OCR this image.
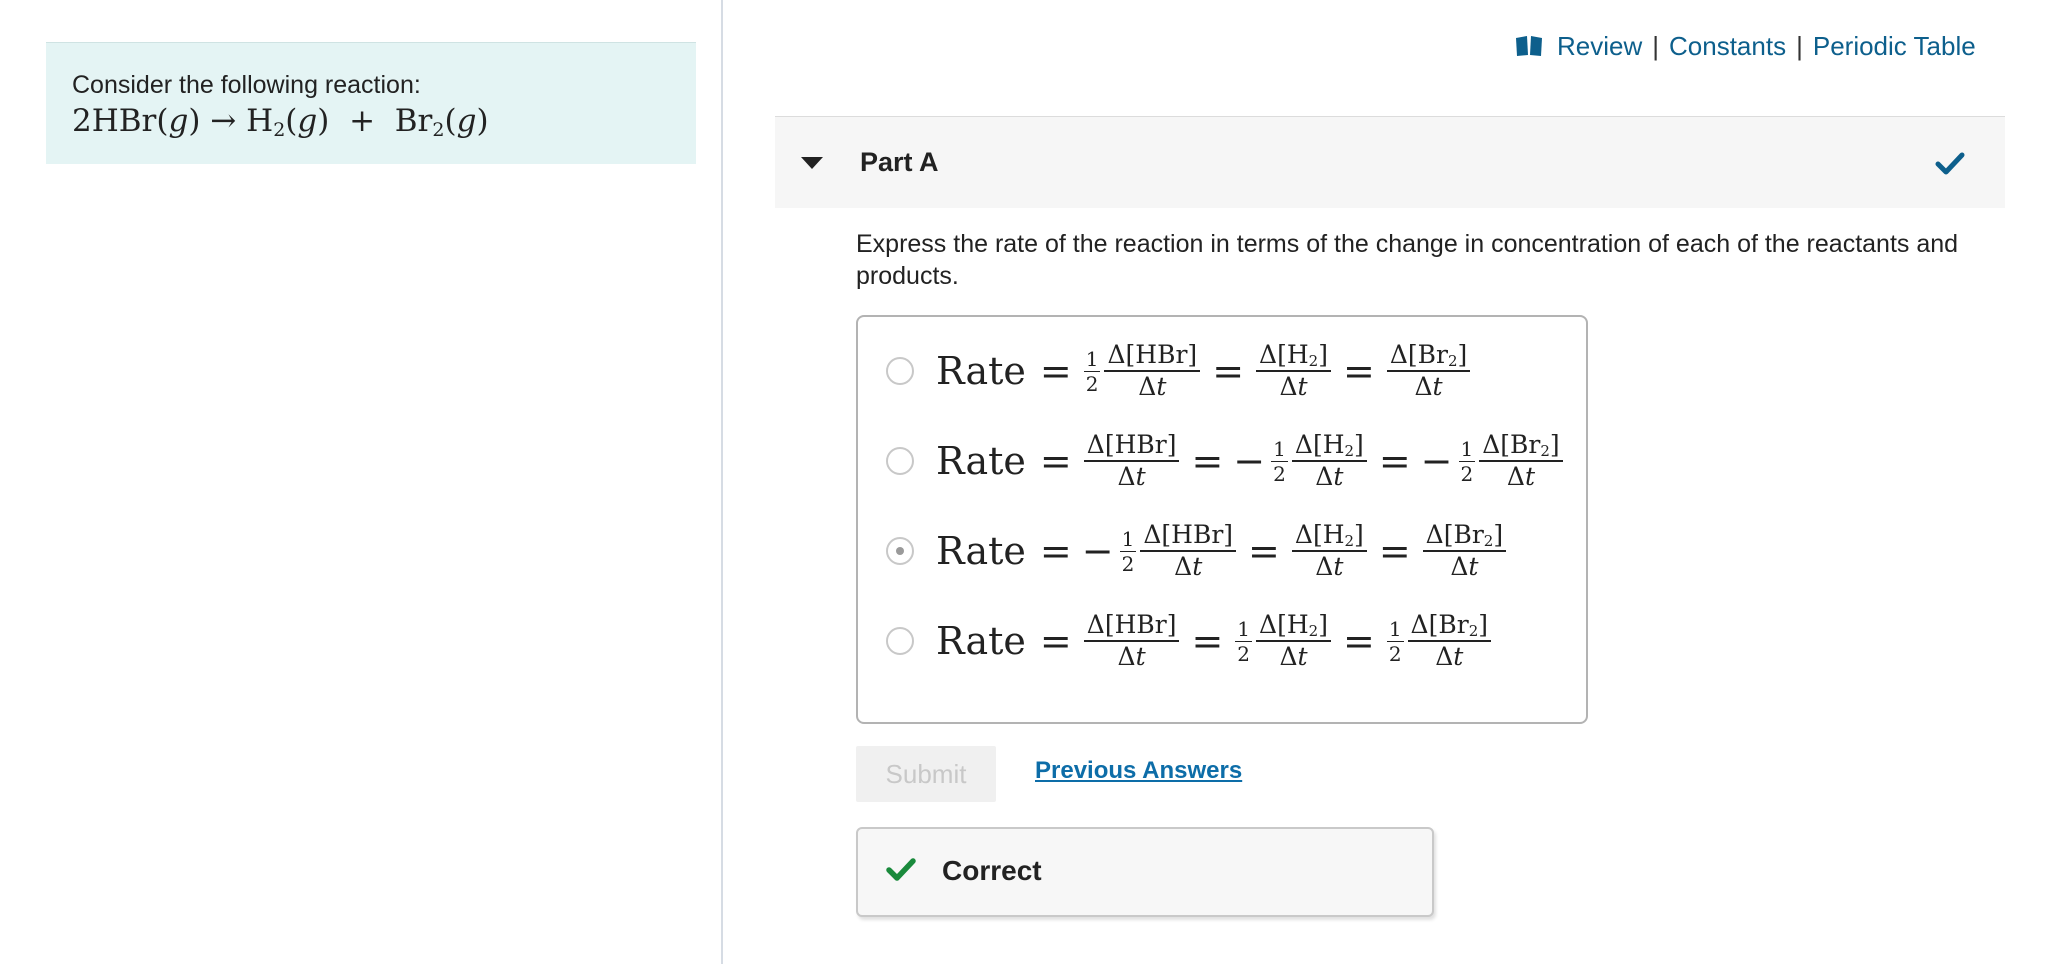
Consider the following reaction:
$2HBr(g) \to H_2(g) + Br_2(g)$
Review | Constants | Periodic Table
Part A
Express the rate of the reaction in terms of the change in concentration of each of the reactants and products.
Rate = $\frac{1}{2} \frac{\text{Δ[HBr]}}{\Delta t} = \frac{\Delta[H_2]}{\Delta t} = \frac{\Delta[Br_2]}{\Delta t}$
Rate = $\frac{\text{Δ[HBr]}}{\Delta t}$ = − $\frac{1}{2} \frac{\Delta[H_2]}{\Delta t}$ = − $\frac{1}{2} \frac{\Delta[Br_2]}{\Delta t}$
Rate = − $\frac{1}{2} \frac{\text{Δ[HBr]}}{\Delta t} = \frac{\Delta[H_2]}{\Delta t} = \frac{\Delta[Br_2]}{\Delta t}$
Rate = $\frac{\text{Δ[HBr]}}{\Delta t} = \frac{1}{2} \frac{\Delta[H_2]}{\Delta t} = \frac{1}{2} \frac{\Delta[Br_2]}{\Delta t}$
Submit	Previous Answers
Correct
